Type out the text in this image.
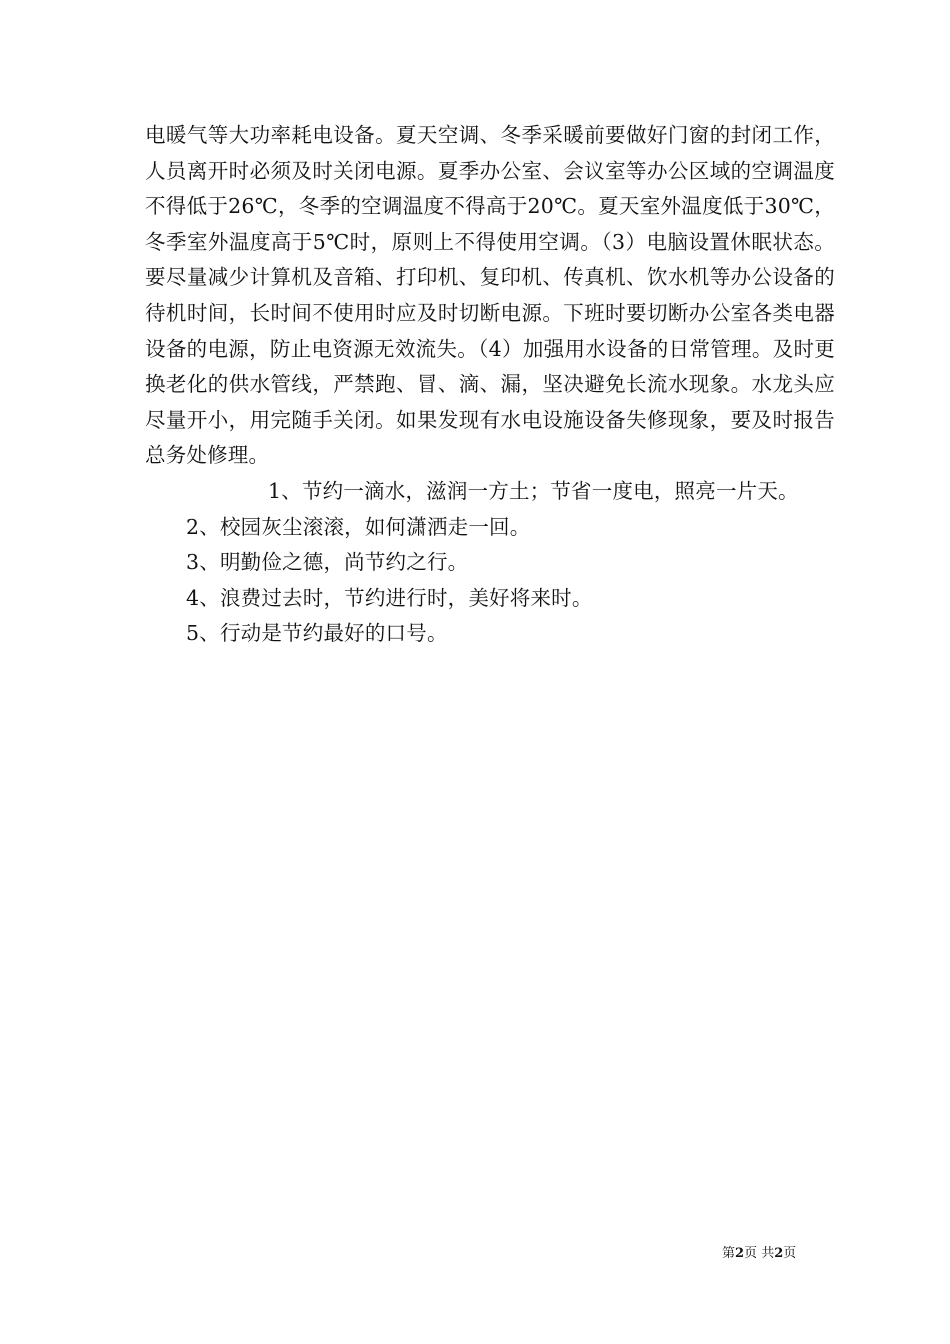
电暖气等大功率耗电设备。夏天空调、冬季采暖前要做好门窗的封闭工作，人员离开时必须及时关闭电源。夏季办公室、会议室等办公区域的空调温度不得低于26℃，冬季的空调温度不得高于20℃。夏天室外温度低于30℃，冬季室外温度高于5℃时，原则上不得使用空调。（3）电脑设置休眠状态。要尽量减少计算机及音箱、打印机、复印机、传真机、饮水机等办公设备的待机时间，长时间不使用时应及时切断电源。下班时要切断办公室各类电器设备的电源，防止电资源无效流失。（4）加强用水设备的日常管理。及时更换老化的供水管线，严禁跑、冒、滴、漏，坚决避免长流水现象。水龙头应尽量开小，用完随手关闭。如果发现有水电设施设备失修现象，要及时报告总务处修理。

1、节约一滴水，滋润一方土；节省一度电，照亮一片天。

2、校园灰尘滚滚，如何潇洒走一回。

3、明勤俭之德，尚节约之行。

4、浪费过去时，节约进行时，美好将来时。

5、行动是节约最好的口号。

第2页 共2页
